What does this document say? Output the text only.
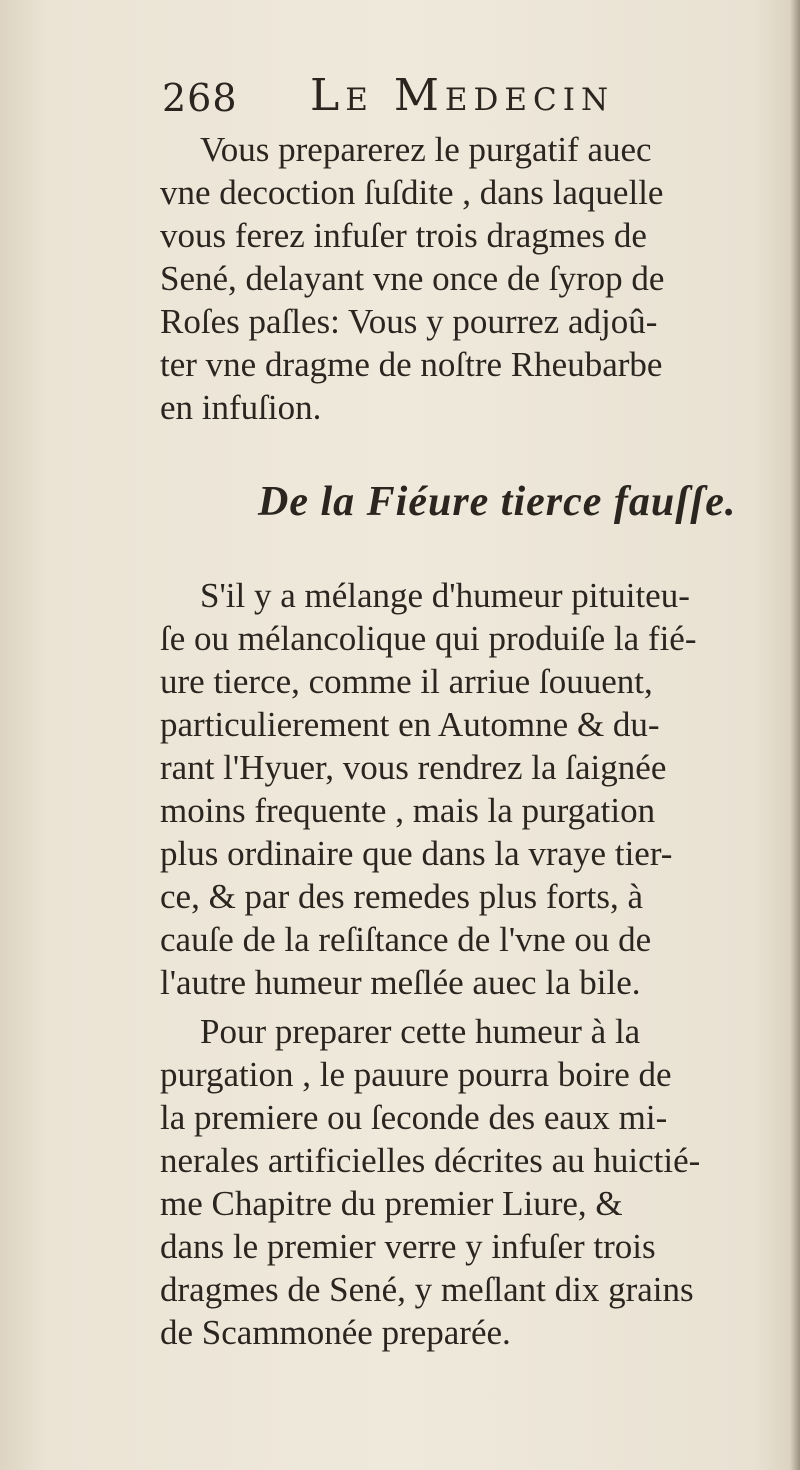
268 Le Medecin

Vous preparerez le purgatif auec
vne decoction ſuſdite , dans laquelle
vous ferez infuſer trois dragmes de
Sené, delayant vne once de ſyrop de
Roſes paſles: Vous y pourrez adjoû-
ter vne dragme de noſtre Rheubarbe
en infuſion.

De la Fiéure tierce fauſſe.

S'il y a mélange d'humeur pituiteu-
ſe ou mélancolique qui produiſe la fié-
ure tierce, comme il arriue ſouuent,
particulierement en Automne & du-
rant l'Hyuer, vous rendrez la ſaignée
moins frequente , mais la purgation
plus ordinaire que dans la vraye tier-
ce, & par des remedes plus forts, à
cauſe de la reſiſtance de l'vne ou de
l'autre humeur meſlée auec la bile.

Pour preparer cette humeur à la
purgation , le pauure pourra boire de
la premiere ou ſeconde des eaux mi-
nerales artificielles décrites au huictié-
me Chapitre du premier Liure, &
dans le premier verre y infuſer trois
dragmes de Sené, y meſlant dix grains
de Scammonée preparée.
